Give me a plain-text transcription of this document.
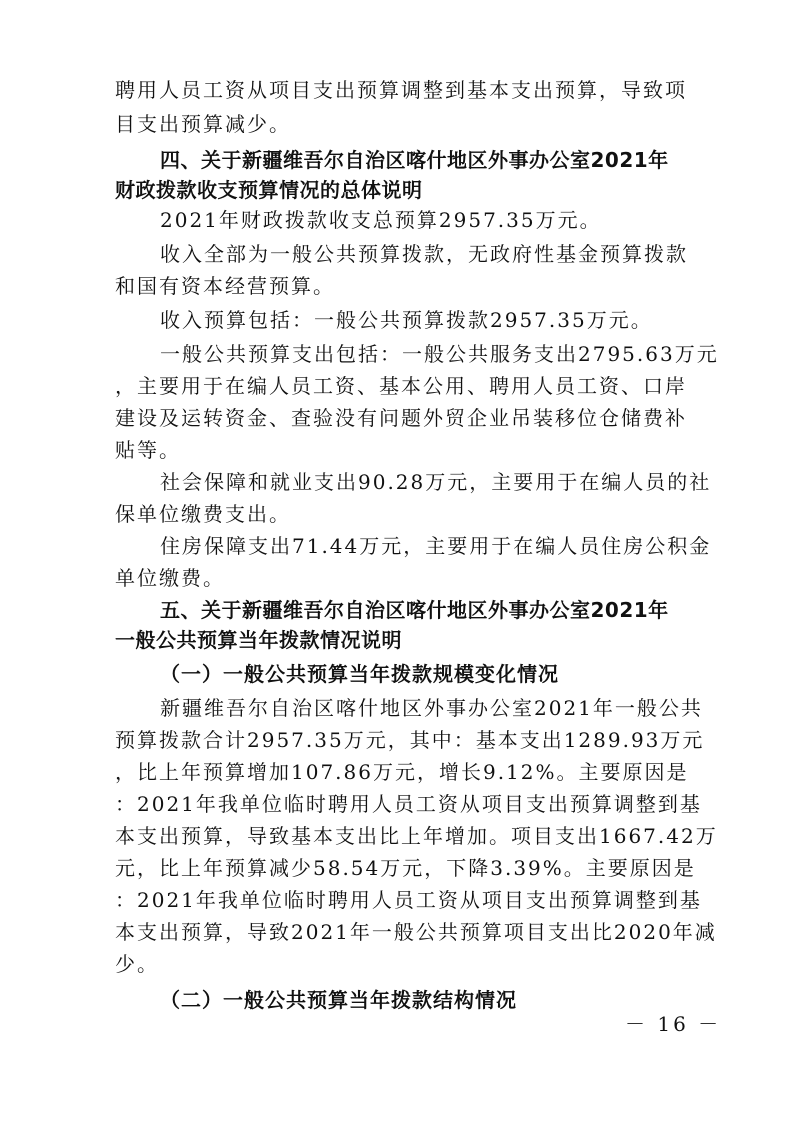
聘用人员工资从项目支出预算调整到基本支出预算，导致项
目支出预算减少。
四、关于新疆维吾尔自治区喀什地区外事办公室2021年
财政拨款收支预算情况的总体说明
2021年财政拨款收支总预算2957.35万元。
收入全部为一般公共预算拨款，无政府性基金预算拨款
和国有资本经营预算。
收入预算包括：一般公共预算拨款2957.35万元。
一般公共预算支出包括：一般公共服务支出2795.63万元
，主要用于在编人员工资、基本公用、聘用人员工资、口岸
建设及运转资金、查验没有问题外贸企业吊装移位仓储费补
贴等。
社会保障和就业支出90.28万元，主要用于在编人员的社
保单位缴费支出。
住房保障支出71.44万元，主要用于在编人员住房公积金
单位缴费。
五、关于新疆维吾尔自治区喀什地区外事办公室2021年
一般公共预算当年拨款情况说明
（一）一般公共预算当年拨款规模变化情况
新疆维吾尔自治区喀什地区外事办公室2021年一般公共
预算拨款合计2957.35万元，其中：基本支出1289.93万元
，比上年预算增加107.86万元，增长9.12%。主要原因是
：2021年我单位临时聘用人员工资从项目支出预算调整到基
本支出预算，导致基本支出比上年增加。项目支出1667.42万
元，比上年预算减少58.54万元，下降3.39%。主要原因是
：2021年我单位临时聘用人员工资从项目支出预算调整到基
本支出预算，导致2021年一般公共预算项目支出比2020年减
少。
（二）一般公共预算当年拨款结构情况
－ 16 －
